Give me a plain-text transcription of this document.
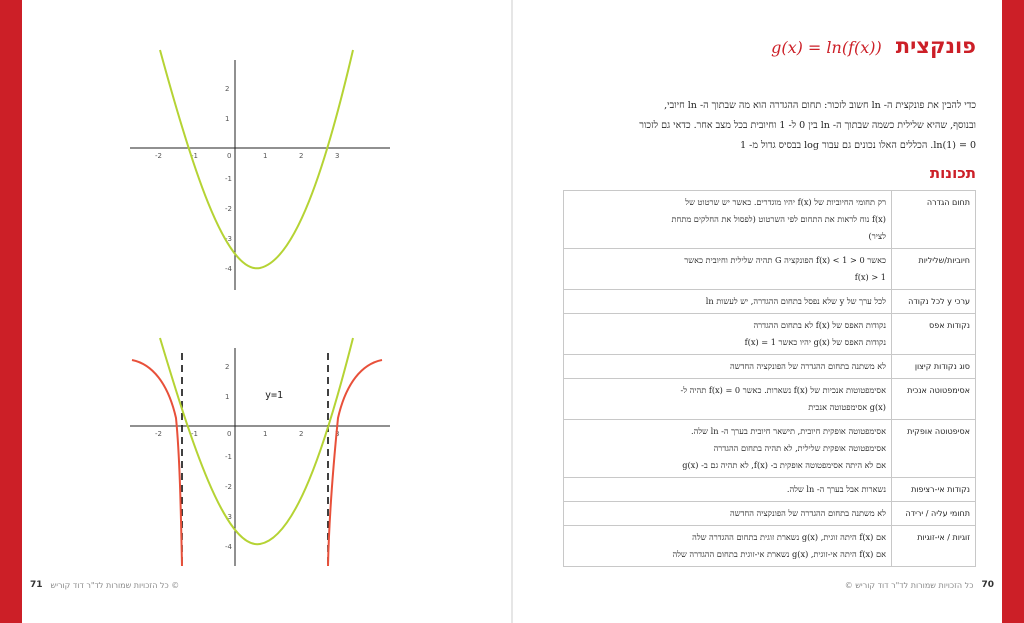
-2	-1	0	1	2	3
2
1
-1
-2
-3
-4
-2	-1	0	1	2	3
2
1
-1
-2
-3
-4
y=1
71 כל הזכויות שמורות לד"ר דוד קוריש ©
פונקצית
g(x) = ln(f(x))
כדי להבין את פונקצית ה- ln חשוב לזכור: תחום ההגדרה הוא מה שבתוך ה- ln חיובי,
ובנוסף, שהיא שלילית כשמה שבתוך ה- ln בין 0 ל- 1 וחיובית בכל מצב אחר. כדאי גם לזכור
ln(1) = 0. הכללים האלו נכונים גם עבור log בבסיס גדול מ- 1
תכונות
תחום הגדרה	רק תחומי החיוביות של f(x) יהיו מוגדרים. כאשר יש שרטוט של
f(x) נוח לראות את התחום לפי השרטוט (לפסול את החלקים מתחת
לציר)

חיוביות/שליליות	כאשר 0 < f(x) < 1 הפונקציה G תהיה שלילית וחיובית כאשר
f(x) > 1

ערכי y לכל נקודה	לכל ערך של y שלא נפסל בתחום ההגדרה, יש לעשות ln

נקודות אפס	נקודות האפס של f(x) לא בתחום ההגדרה
נקודות האפס של g(x) יהיו כאשר f(x) = 1

סוג נקודות קיצון	לא משתנה בתחום ההגדרה של הפונקציה החדשה

אסימפטוטה אנכית	אסימפטוטות אנכיות של f(x) נשארות. כאשר f(x) = 0 תהיה ל-
g(x) אסימפטוטה אנכית

אסיפטוטה אופקית	אסימפטוטה אופקית חיובית, תישאר חיובית בערך ה- ln שלה.
אסימפטוטה אופקית שלילית, לא תהיה בתחום ההגדרה
אם לא היתה אסימפטוטה אופקית ב- f(x), לא תהיה גם ב- g(x)

נקודות אי-רציפות	נשארות אבל בערך ה- ln שלה.

תחומי עליה / ירידה	לא משתנה בתחום ההגדרה של הפונקציה החדשה

זוגיות / אי-זוגיות	אם f(x) היתה זוגית, g(x) נשארת זוגית בתחום ההגדרה שלה
אם f(x) היתה אי-זוגית, g(x) נשארת אי-זוגית בתחום ההגדרה שלה
70
כל הזכויות שמורות לד"ר דוד קוריש ©
